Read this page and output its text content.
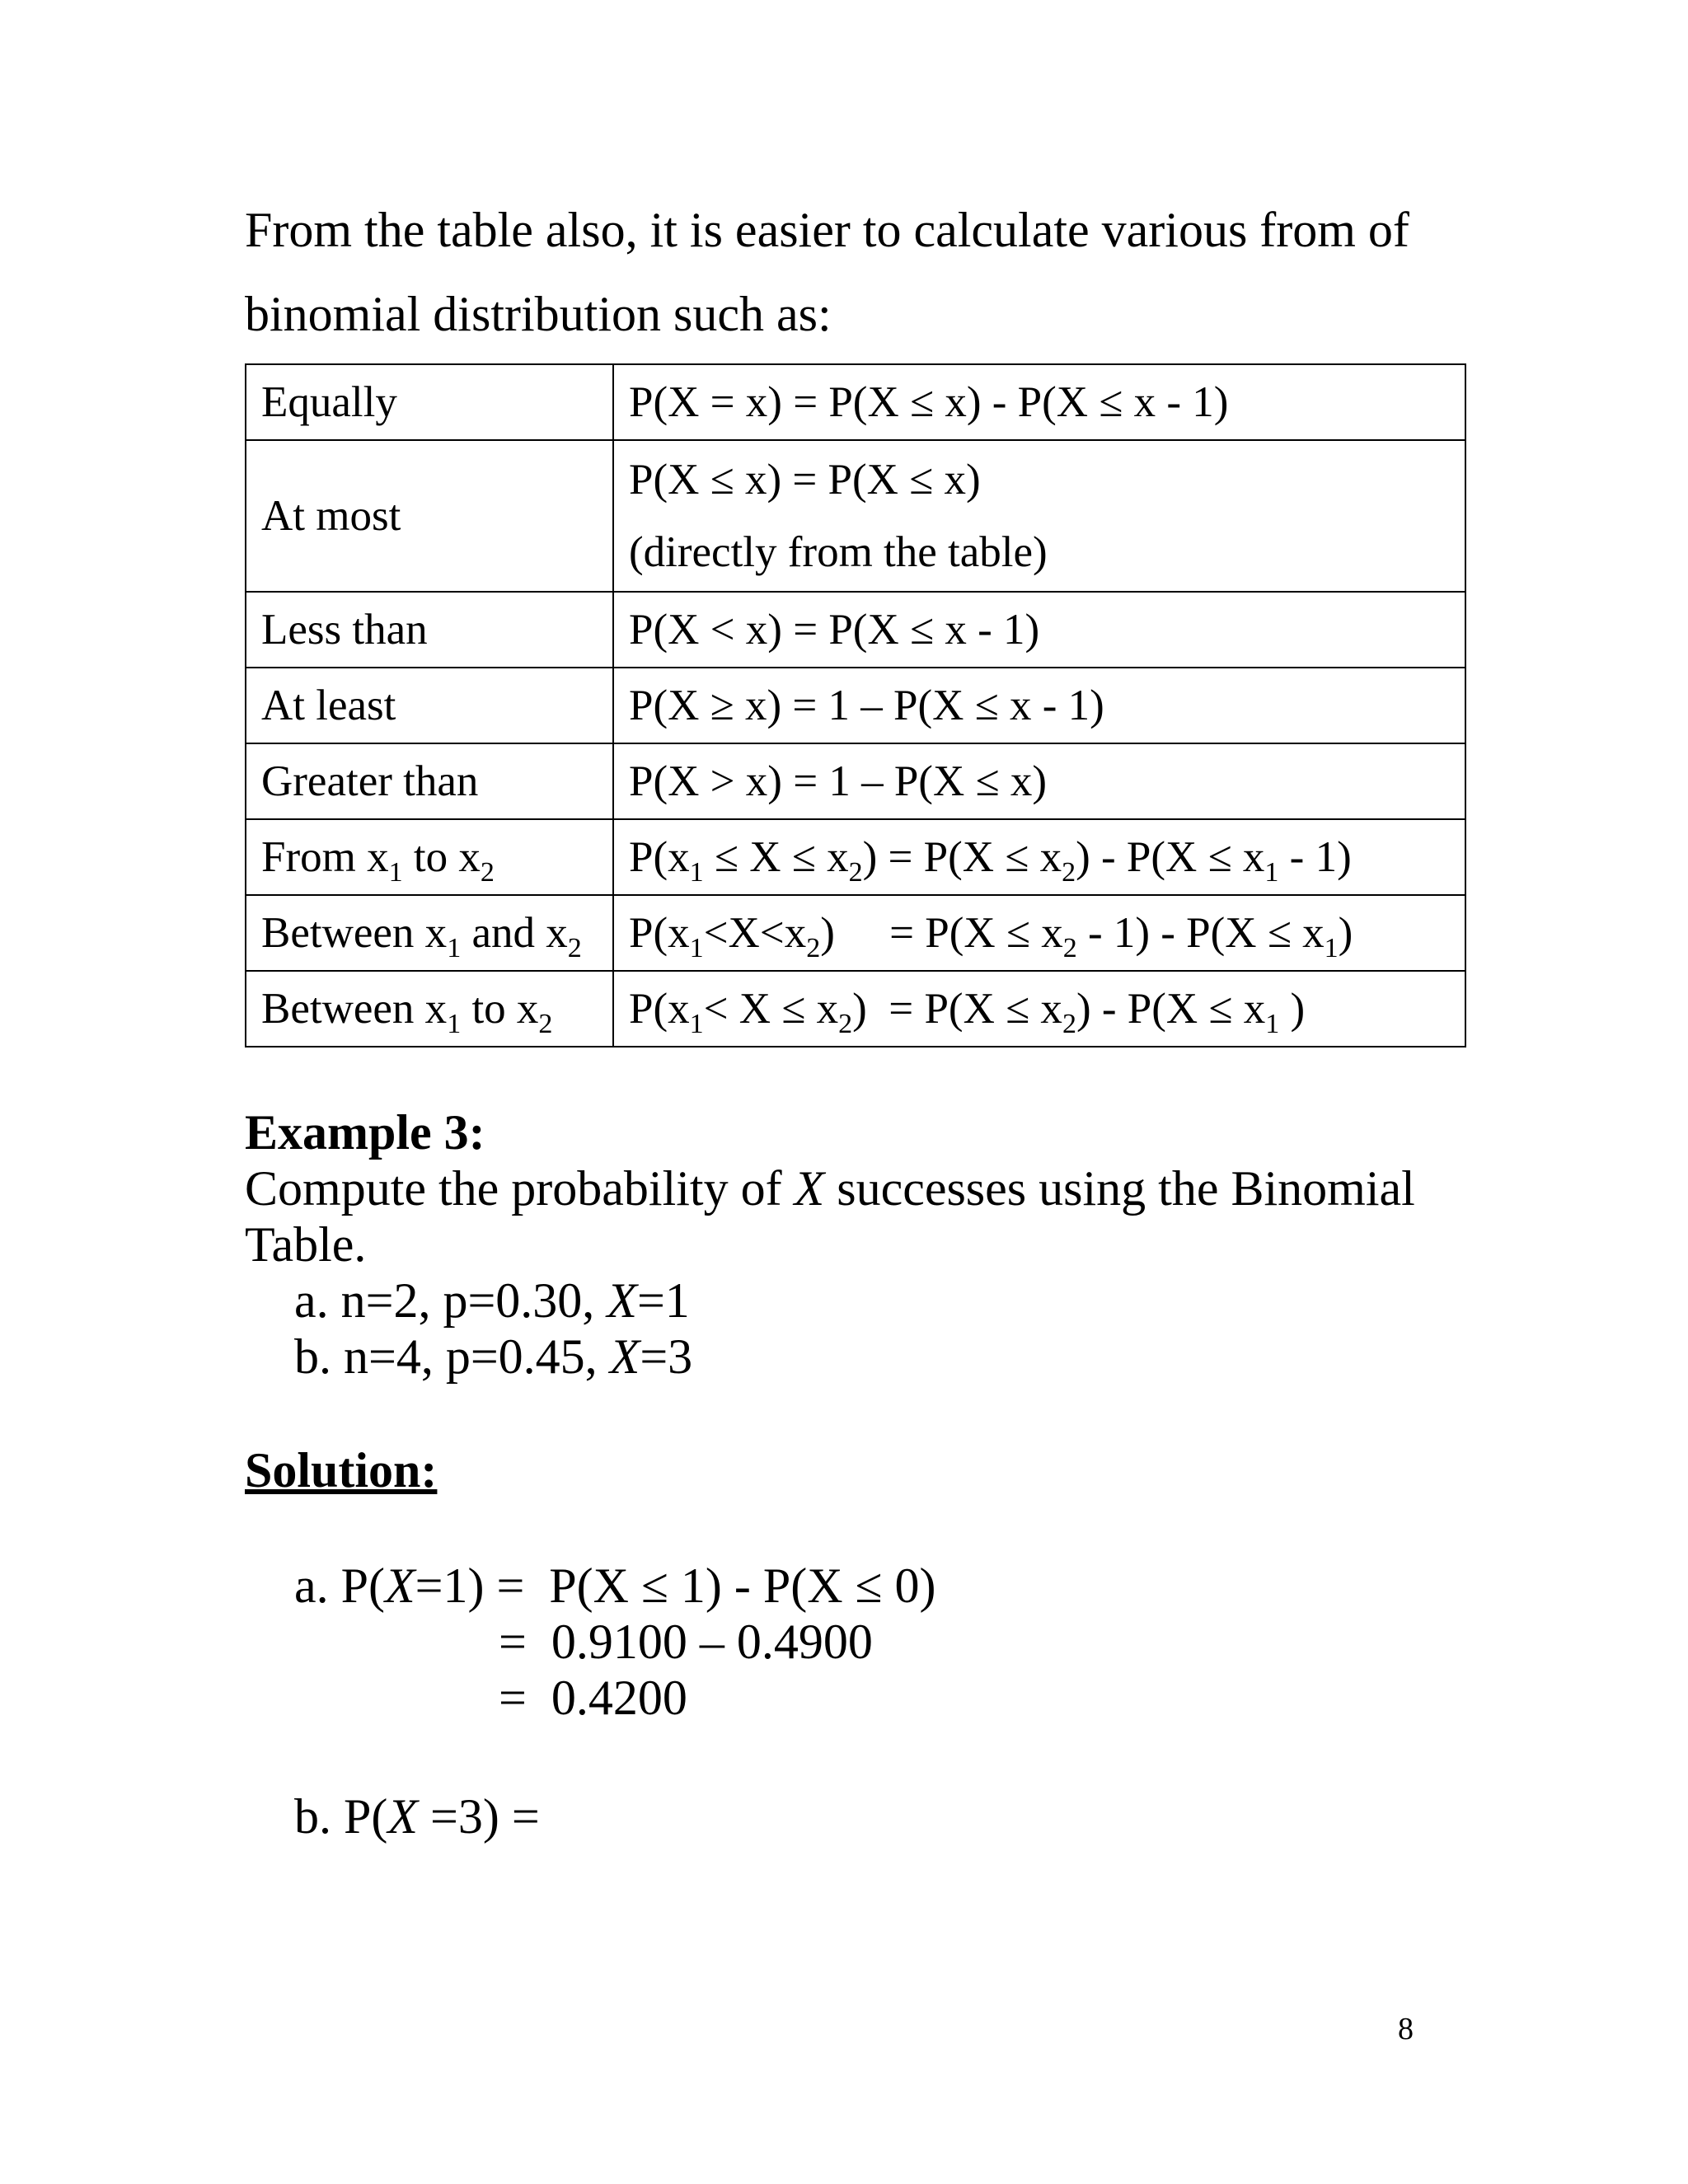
From the table also, it is easier to calculate various from of

binomial distribution such as:

Equally	P(X = x) = P(X ≤ x) - P(X ≤ x - 1)
At most	P(X ≤ x) = P(X ≤ x)
(directly from the table)

Less than	P(X < x) = P(X ≤ x - 1)
At least	P(X ≥ x) = 1 – P(X ≤ x - 1)
Greater than	P(X > x) = 1 – P(X ≤ x)
From $x_1$ to $x_2$	$P(x_1 \le X \le x_2) = P(X \le x_2) - P(X \le x_1 - 1)$
Between $x_1$ and $x_2$	$P(x_1<X<x_2)$     = $P(X \le x_2 - 1) - P(X \le x_1)$
Between $x_1$ to $x_2$	$P(x_1< X \le x_2) = P(X \le x_2) - P(X \le x_1$ )
Example 3:
Compute the probability of X successes using the Binomial Table.
a. n=2, p=0.30, X=1
b. n=4, p=0.45, X=3
Solution:
a. P(X=1) =  P(X ≤ 1) - P(X ≤ 0)
=  0.9100 – 0.4900
=  0.4200
b. P(X =3) =
8
